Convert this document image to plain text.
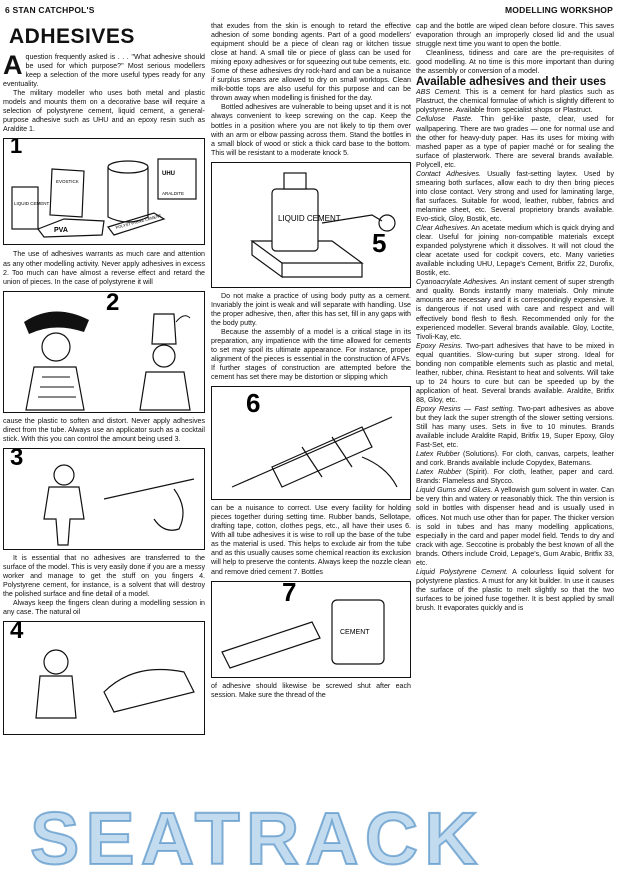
6 STAN CATCHPOL'S	MODELLING WORKSHOP
ADHESIVES

Aquestion frequently asked is . . . ''What adhesive should be used for which purpose?'' Most serious modellers keep a selection of the more useful types ready for any eventuality.

The military modeller who uses both metal and plastic models and mounts them on a decorative base will require a selection of polystyrene cement, liquid cement, a general-purpose adhesive such as UHU and an epoxy resin such as Araldite 1.

LIQUID CEMENT
EVOSTICK
UHU
PVA
POLYSTYRENE CEMENT
ARALDITE
1

The use of adhesives warrants as much care and attention as any other modelling activity. Never apply adhesives in excess 2. Too much can have almost a reverse effect and retard the union of pieces. In the case of polystyrene it will

2

cause the plastic to soften and distort. Never apply adhesives direct from the tube. Always use an applicator such as a cocktail stick. With this you can control the amount being used 3.

3

It is essential that no adhesives are transferred to the surface of the model. This is very easily done if you are a messy worker and manage to get the stuff on you fingers 4. Polystyrene cement, for instance, is a solvent that will destroy the polished surface and fine detail of a model.

Always keep the fingers clean during a modelling session in any case. The natural oil

4

that exudes from the skin is enough to retard the effective adhesion of some bonding agents. Part of a good modellers' equipment should be a piece of clean rag or kitchen tissue close at hand. A small tile or piece of glass can be used for mixing epoxy adhesives or for squeezing out tube cements, etc. Some of these adhesives dry rock-hard and can be a nuisance if surplus smears are allowed to dry on small worktops. Clean milk-bottle tops are also useful for this purpose and can be thrown away when modelling is finished for the day.

Bottled adhesives are vulnerable to being upset and it is not always convenient to keep screwing on the cap. Keep the bottles in a position where you are not likely to tip them over with an arm or elbow passing across them. Stand the bottles in a small block of wood or stick a thick card base to the bottom. This will be resistant to a moderate knock 5.

LIQUID CEMENT
5

Do not make a practice of using body putty as a cement. Invariably the joint is weak and will separate with handling. Use the proper adhesive, then, after this has set, fill in any gaps with the body putty.

Because the assembly of a model is a critical stage in its preparation, any impatience with the time allowed for cements to set may spoil its ultimate appearance. For instance, proper alignment of the pieces is essential in the construction of AFVs. If further stages of construction are attempted before the cement has set there may be distortion or slipping which

6

can be a nuisance to correct. Use every facility for holding pieces together during setting time. Rubber bands, Sellotape, drafting tape, cotton, clothes pegs, etc., all have their uses 6. With all tube adhesives it is wise to roll up the base of the tube as the material is used. This helps to exclude air from the tube and as this usually causes some chemical reaction its exclusion will help to preserve the contents. Always keep the nozzle clean and remove dried cement 7. Bottles

CEMENT
7

of adhesive should likewise be screwed shut after each session. Make sure the thread of the

cap and the bottle are wiped clean before closure. This saves evaporation through an improperly closed lid and the usual struggle next time you want to open the bottle.

Cleanliness, tidiness and care are the pre-requisites of good modelling. At no time is this more important than during the assembly or conversion of a model.

Available adhesives and their uses

ABS Cement. This is a cement for hard plastics such as Plastruct, the chemical formulae of which is slightly different to polystyrene. Available from specialist shops or Plastruct.

Cellulose Paste. Thin gel-like paste, clear, used for wallpapering. There are two grades — one for normal use and the other for heavy-duty paper. Has its uses for mixing with mashed paper as a type of papier maché or for sealing the surface of plasterwork. There are several brands available. Polycell, etc.

Contact Adhesives. Usually fast-setting laytex. Used by smearing both surfaces, allow each to dry then bring pieces into close contact. Very strong and used for laminating large, flat surfaces. Suitable for wood, leather, rubber, fabrics and melamine sheet, etc. Several proprietory brands available. Evo-stick, Gloy, Bostik, etc.

Clear Adhesives. An acetate medium which is quick drying and clear. Useful for joining non-compatible materials except expanded polystyrene which it dissolves. It will not cloud the clear acetate used for cockpit covers, etc. Many varieties available including UHU, Lepage's Cement, Britfix 22, Durofix, Bostik, etc.

Cyanoacrylate Adhesives. An instant cement of super strength and quality. Bonds instantly many materials. Only minute amounts are necessary and it is correspondingly expensive. It is dangerous if not used with care and respect and will effectively bond flesh to flesh. Recommended only for the experienced modeller. Several brands available. Gloy, Loctite, Tivoli-Kay, etc.

Epoxy Resins. Two-part adhesives that have to be mixed in equal quantities. Slow-curing but super strong. Ideal for bonding non compatible elements such as plastic and metal, leather, rubber, china. Resistant to heat and solvents. Will take up to 24 hours to cure but can be speeded up by the application of heat. Several brands available. Araldite, Britfix 88, Gloy, etc.

Epoxy Resins — Fast setting. Two-part adhesives as above but they lack the super strength of the slower setting versions. Still has many uses. Sets in five to 10 minutes. Brands available include Araldite Rapid, Britfix 19, Super Epoxy, Gloy Fast-Set, etc.

Latex Rubber (Solutions). For cloth, canvas, carpets, leather and cork. Brands available include Copydex, Batemans.

Latex Rubber (Spirit). For cloth, leather, paper and card. Brands: Flameless and Stycco.

Liquid Gums and Glues. A yellowish gum solvent in water. Can be very thin and watery or reasonably thick. The thin version is sold in bottles with dispenser head and is usually used in offices. Not much use other than for paper. The thicker version is sold in tubes and has many modelling applications, especially in the card and paper model field. Tends to dry and crack with age. Seccotine is probably the best known of all the brands. Others include Croid, Lepage's, Gum Arabic, Britfix 33, etc.

Liquid Polystyrene Cement. A colourless liquid solvent for polystyrene plastics. A must for any kit builder. In use it causes the surface of the plastic to melt slightly so that the two surfaces to be joined fuse together. It is best applied by small brush. It evaporates quickly and is

SEATRACK
